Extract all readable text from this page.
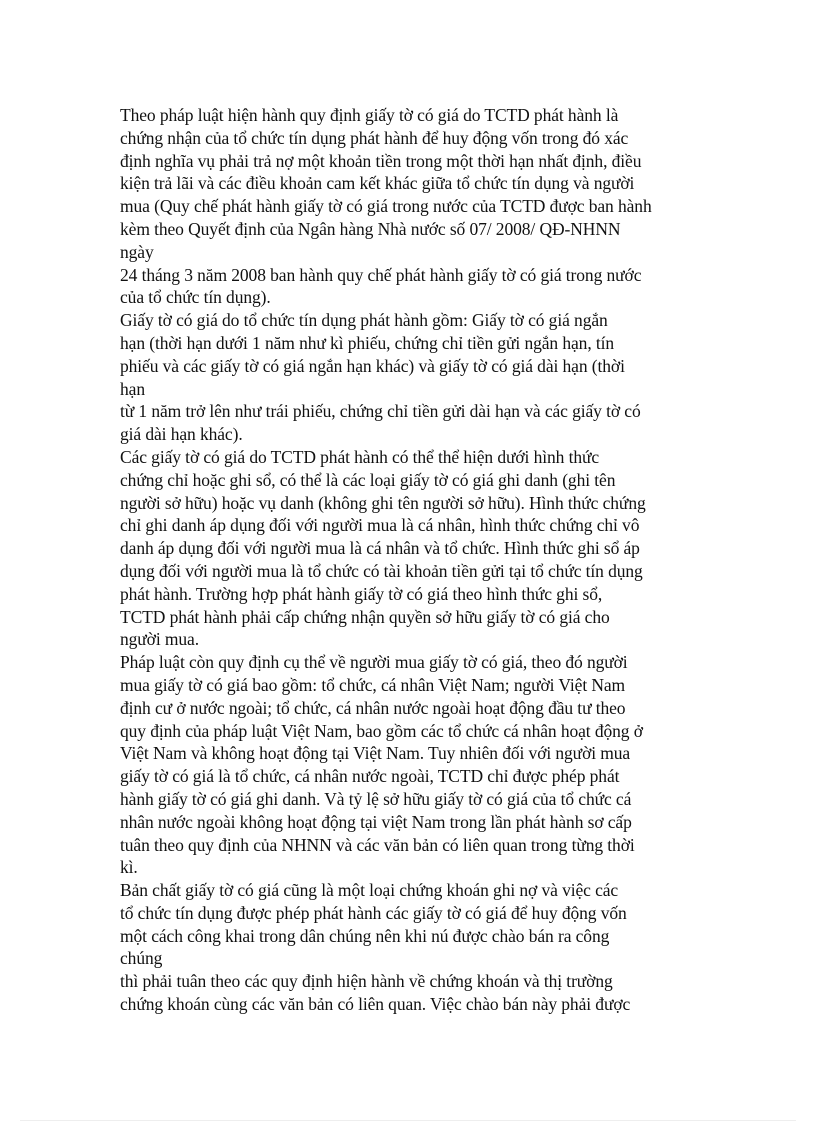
Theo pháp luật hiện hành quy định giấy tờ có giá do TCTD phát hành là
chứng nhận của tổ chức tín dụng phát hành để huy động vốn trong đó xác
định nghĩa vụ phải trả nợ một khoản tiền trong một thời hạn nhất định, điều
kiện trả lãi và các điều khoản cam kết khác giữa tổ chức tín dụng và người
mua (Quy chế phát hành giấy tờ có giá trong nước của TCTD được ban hành
kèm theo Quyết định của Ngân hàng Nhà nước số 07/ 2008/ QĐ-NHNN
ngày
24 tháng 3 năm 2008 ban hành quy chế phát hành giấy tờ có giá trong nước
của tổ chức tín dụng).
Giấy tờ có giá do tổ chức tín dụng phát hành gồm: Giấy tờ có giá ngắn
hạn (thời hạn dưới 1 năm như kì phiếu, chứng chỉ tiền gửi ngắn hạn, tín
phiếu và các giấy tờ có giá ngắn hạn khác) và giấy tờ có giá dài hạn (thời
hạn
từ 1 năm trở lên như trái phiếu, chứng chỉ tiền gửi dài hạn và các giấy tờ có
giá dài hạn khác).
Các giấy tờ có giá do TCTD phát hành có thể thể hiện dưới hình thức
chứng chỉ hoặc ghi sổ, có thể là các loại giấy tờ có giá ghi danh (ghi tên
người sở hữu) hoặc vụ danh (không ghi tên người sở hữu). Hình thức chứng
chỉ ghi danh áp dụng đối với người mua là cá nhân, hình thức chứng chỉ vô
danh áp dụng đối với người mua là cá nhân và tổ chức. Hình thức ghi sổ áp
dụng đối với người mua là tổ chức có tài khoản tiền gửi tại tổ chức tín dụng
phát hành. Trường hợp phát hành giấy tờ có giá theo hình thức ghi sổ,
TCTD phát hành phải cấp chứng nhận quyền sở hữu giấy tờ có giá cho
người mua.
Pháp luật còn quy định cụ thể về người mua giấy tờ có giá, theo đó người
mua giấy tờ có giá bao gồm: tổ chức, cá nhân Việt Nam; người Việt Nam
định cư ở nước ngoài; tổ chức, cá nhân nước ngoài hoạt động đầu tư theo
quy định của pháp luật Việt Nam, bao gồm các tổ chức cá nhân hoạt động ở
Việt Nam và không hoạt động tại Việt Nam. Tuy nhiên đối với người mua
giấy tờ có giá là tổ chức, cá nhân nước ngoài, TCTD chỉ được phép phát
hành giấy tờ có giá ghi danh. Và tỷ lệ sở hữu giấy tờ có giá của tổ chức cá
nhân nước ngoài không hoạt động tại việt Nam trong lần phát hành sơ cấp
tuân theo quy định của NHNN và các văn bản có liên quan trong từng thời
kì.
Bản chất giấy tờ có giá cũng là một loại chứng khoán ghi nợ và việc các
tổ chức tín dụng được phép phát hành các giấy tờ có giá để huy động vốn
một cách công khai trong dân chúng nên khi nú được chào bán ra công
chúng
thì phải tuân theo các quy định hiện hành về chứng khoán và thị trường
chứng khoán cùng các văn bản có liên quan. Việc chào bán này phải được
